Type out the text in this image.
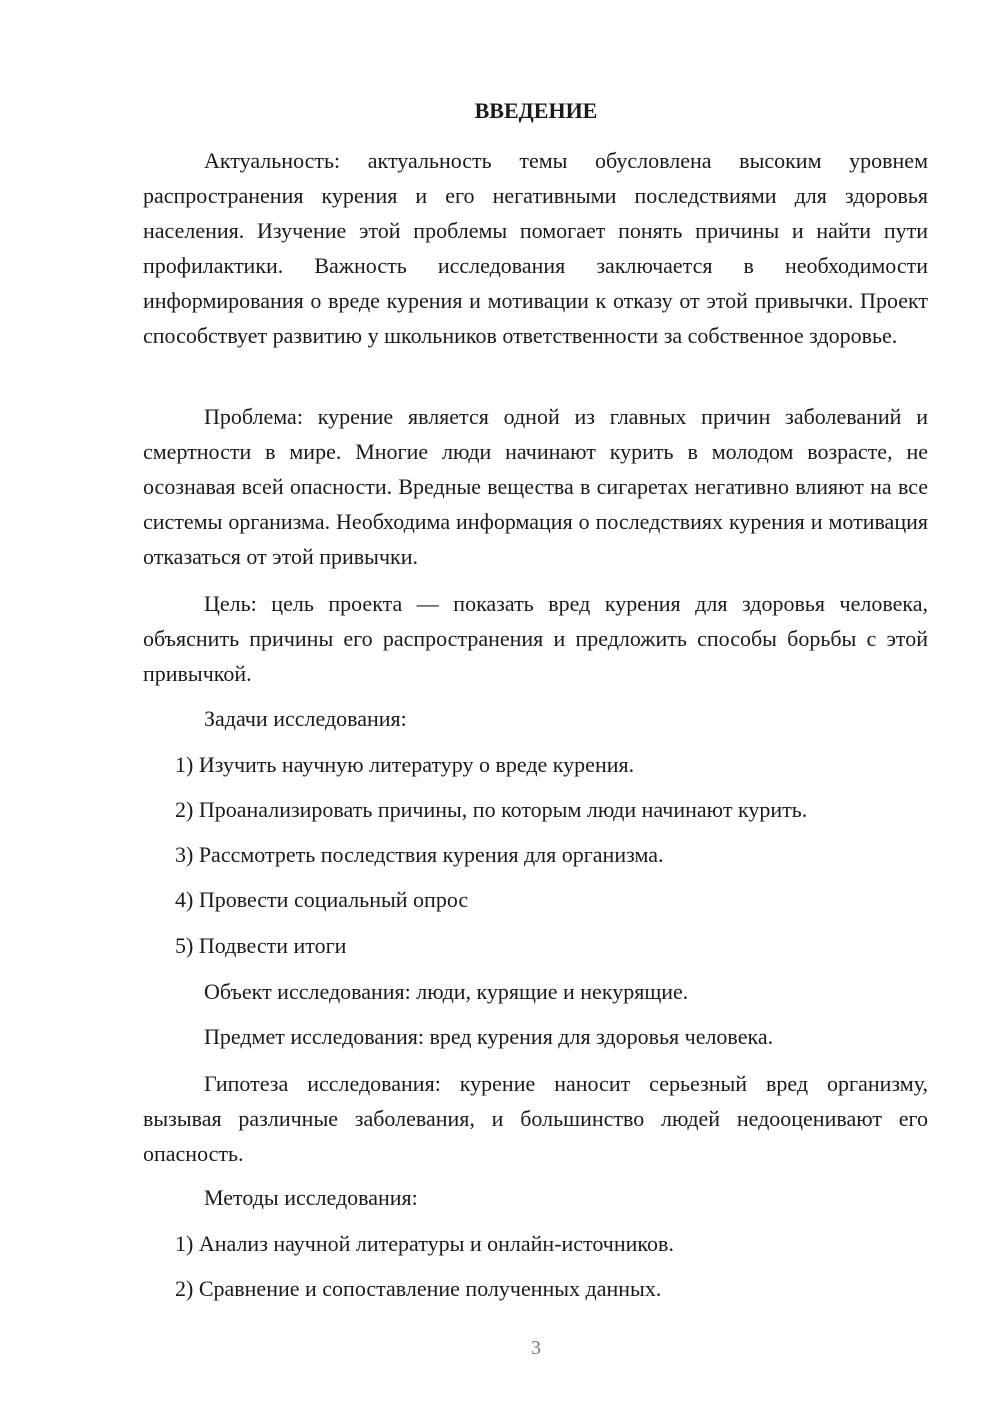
ВВЕДЕНИЕ

Актуальность: актуальность темы обусловлена высоким уровнем распространения курения и его негативными последствиями для здоровья населения. Изучение этой проблемы помогает понять причины и найти пути профилактики. Важность исследования заключается в необходимости информирования о вреде курения и мотивации к отказу от этой привычки. Проект способствует развитию у школьников ответственности за собственное здоровье.

Проблема: курение является одной из главных причин заболеваний и смертности в мире. Многие люди начинают курить в молодом возрасте, не осознавая всей опасности. Вредные вещества в сигаретах негативно влияют на все системы организма. Необходима информация о последствиях курения и мотивация отказаться от этой привычки.

Цель: цель проекта — показать вред курения для здоровья человека, объяснить причины его распространения и предложить способы борьбы с этой привычкой.

Задачи исследования:

1) Изучить научную литературу о вреде курения.

2) Проанализировать причины, по которым люди начинают курить.

3) Рассмотреть последствия курения для организма.

4) Провести социальный опрос

5) Подвести итоги

Объект исследования: люди, курящие и некурящие.

Предмет исследования: вред курения для здоровья человека.

Гипотеза исследования: курение наносит серьезный вред организму, вызывая различные заболевания, и большинство людей недооценивают его опасность.

Методы исследования:

1) Анализ научной литературы и онлайн-источников.

2) Сравнение и сопоставление полученных данных.

3
